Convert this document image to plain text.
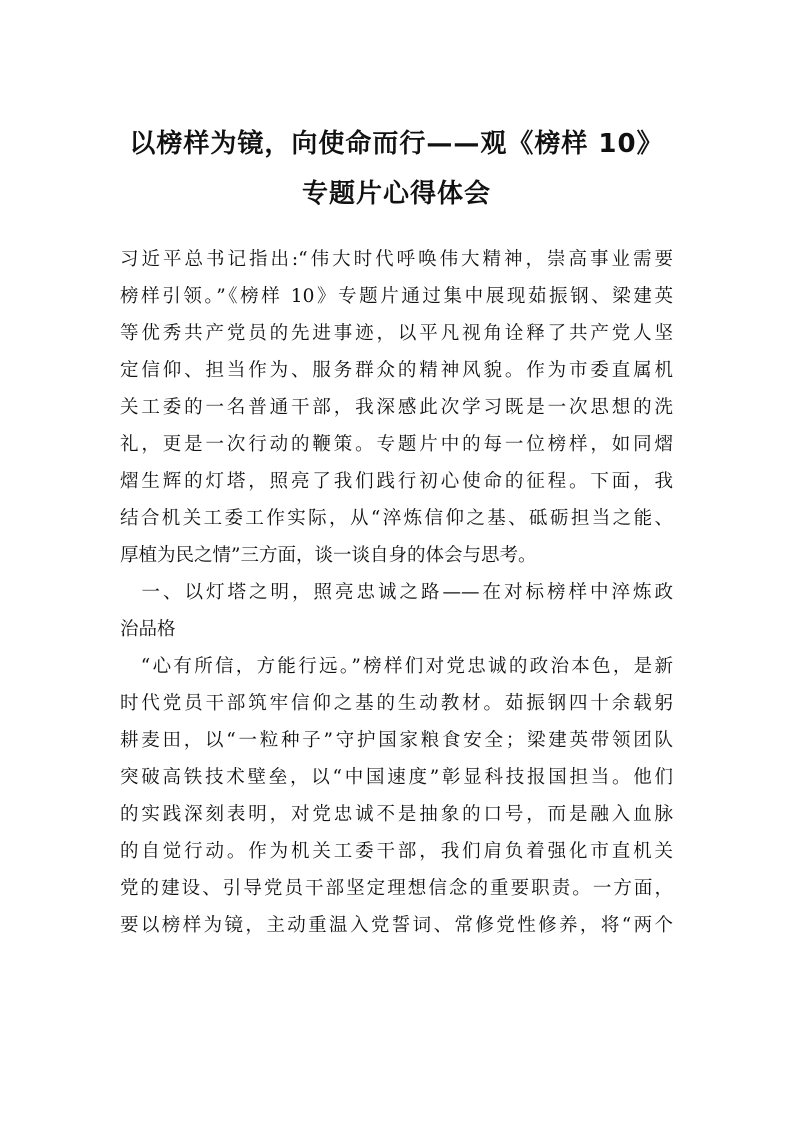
以榜样为镜，向使命而行——观《榜样 10》
专题片心得体会
习近平总书记指出:“伟大时代呼唤伟大精神，崇高事业需要
榜样引领。”《榜样 10》专题片通过集中展现茹振钢、梁建英
等优秀共产党员的先进事迹，以平凡视角诠释了共产党人坚
定信仰、担当作为、服务群众的精神风貌。作为市委直属机
关工委的一名普通干部，我深感此次学习既是一次思想的洗
礼，更是一次行动的鞭策。专题片中的每一位榜样，如同熠
熠生辉的灯塔，照亮了我们践行初心使命的征程。下面，我
结合机关工委工作实际，从“淬炼信仰之基、砥砺担当之能、
厚植为民之情”三方面，谈一谈自身的体会与思考。
　一、以灯塔之明，照亮忠诚之路——在对标榜样中淬炼政
治品格
　“心有所信，方能行远。”榜样们对党忠诚的政治本色，是新
时代党员干部筑牢信仰之基的生动教材。茹振钢四十余载躬
耕麦田，以“一粒种子”守护国家粮食安全；梁建英带领团队
突破高铁技术壁垒，以“中国速度”彰显科技报国担当。他们
的实践深刻表明，对党忠诚不是抽象的口号，而是融入血脉
的自觉行动。作为机关工委干部，我们肩负着强化市直机关
党的建设、引导党员干部坚定理想信念的重要职责。一方面，
要以榜样为镜，主动重温入党誓词、常修党性修养，将“两个
